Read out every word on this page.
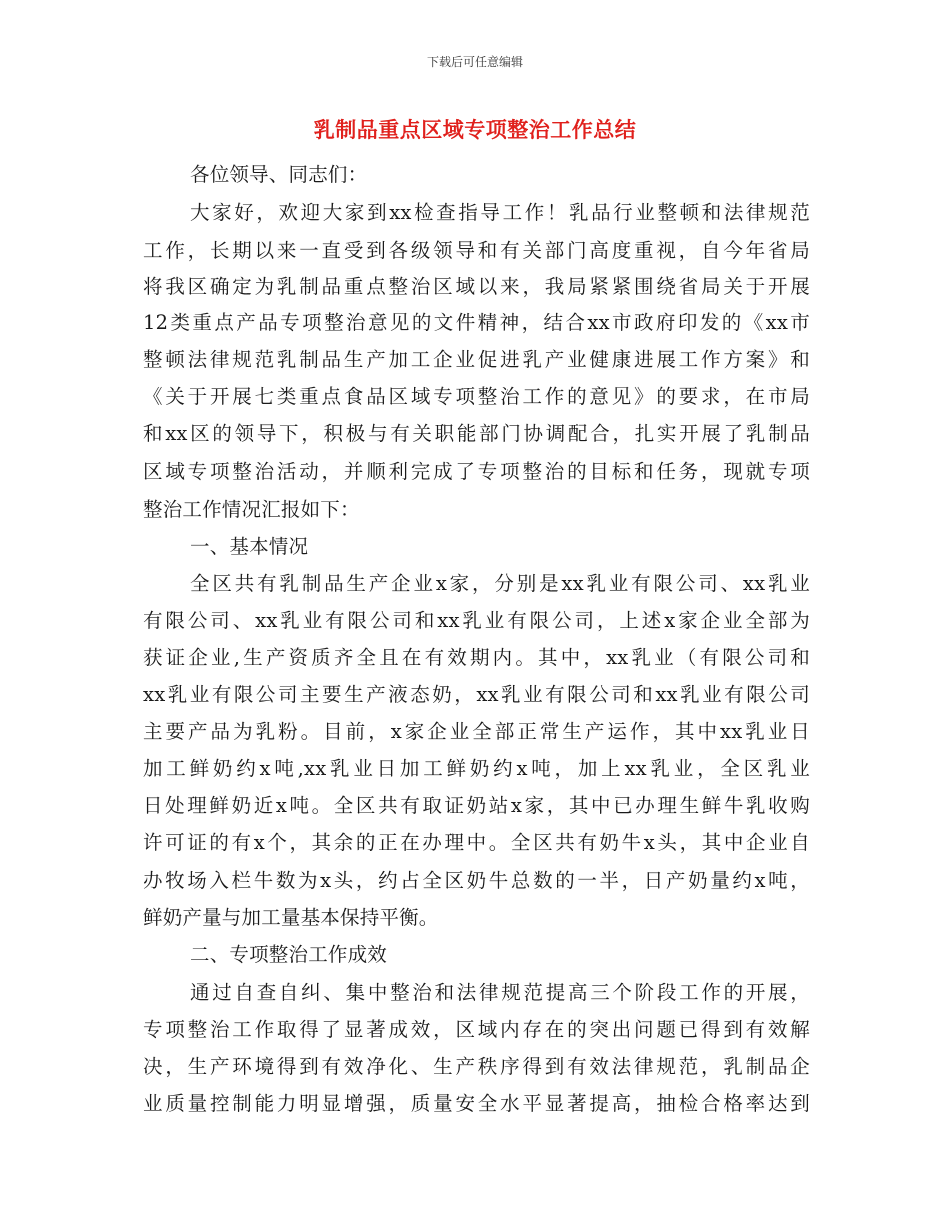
下载后可任意编辑
乳制品重点区域专项整治工作总结
各位领导、同志们：
大家好，欢迎大家到xx检查指导工作！乳品行业整顿和法律规范
工作，长期以来一直受到各级领导和有关部门高度重视，自今年省局
将我区确定为乳制品重点整治区域以来，我局紧紧围绕省局关于开展
12类重点产品专项整治意见的文件精神，结合xx市政府印发的《xx市
整顿法律规范乳制品生产加工企业促进乳产业健康进展工作方案》和
《关于开展七类重点食品区域专项整治工作的意见》的要求，在市局
和xx区的领导下，积极与有关职能部门协调配合，扎实开展了乳制品
区域专项整治活动，并顺利完成了专项整治的目标和任务，现就专项
整治工作情况汇报如下：
一、基本情况
全区共有乳制品生产企业x家，分别是xx乳业有限公司、xx乳业
有限公司、xx乳业有限公司和xx乳业有限公司，上述x家企业全部为
获证企业,生产资质齐全且在有效期内。其中，xx乳业（有限公司和
xx乳业有限公司主要生产液态奶，xx乳业有限公司和xx乳业有限公司
主要产品为乳粉。目前，x家企业全部正常生产运作，其中xx乳业日
加工鲜奶约x吨,xx乳业日加工鲜奶约x吨，加上xx乳业，全区乳业
日处理鲜奶近x吨。全区共有取证奶站x家，其中已办理生鲜牛乳收购
许可证的有x个，其余的正在办理中。全区共有奶牛x头，其中企业自
办牧场入栏牛数为x头，约占全区奶牛总数的一半，日产奶量约x吨，
鲜奶产量与加工量基本保持平衡。
二、专项整治工作成效
通过自查自纠、集中整治和法律规范提高三个阶段工作的开展，
专项整治工作取得了显著成效，区域内存在的突出问题已得到有效解
决，生产环境得到有效净化、生产秩序得到有效法律规范，乳制品企
业质量控制能力明显增强，质量安全水平显著提高，抽检合格率达到
